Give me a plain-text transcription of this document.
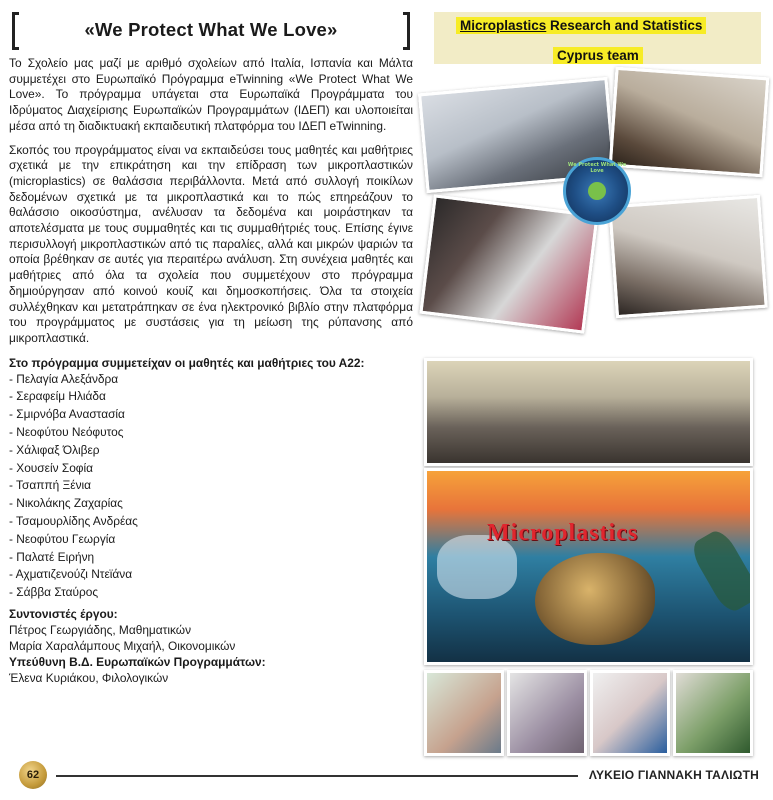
«We Protect What We Love»

Το Σχολείο μας μαζί με αριθμό σχολείων από Ιταλία, Ισπανία και Μάλτα συμμετέχει στο Ευρωπαϊκό Πρόγραμμα eTwinning «We Protect What We Love». Το πρόγραμμα υπάγεται στα Ευρωπαϊκά Προγράμματα του Ιδρύματος Διαχείρισης Ευρωπαϊκών Προγραμμάτων (ΙΔΕΠ) και υλοποιείται μέσα από τη διαδικτυακή εκπαιδευτική πλατφόρμα του ΙΔΕΠ eTwinning.

Σκοπός του προγράμματος είναι να εκπαιδεύσει τους μαθητές και μαθήτριες σχετικά με την επικράτηση και την επίδραση των μικροπλαστικών (microplastics) σε θαλάσσια περιβάλλοντα. Μετά από συλλογή ποικίλων δεδομένων σχετικά με τα μικροπλαστικά και το πώς επηρεάζουν το θαλάσσιο οικοσύστημα, ανέλυσαν τα δεδομένα και μοιράστηκαν τα αποτελέσματα με τους συμμαθητές και τις συμμαθήτριές τους. Επίσης έγινε περισυλλογή μικροπλαστικών από τις παραλίες, αλλά και μικρών ψαριών τα οποία βρέθηκαν σε αυτές για περαιτέρω ανάλυση. Στη συνέχεια μαθητές και μαθήτριες από όλα τα σχολεία που συμμετέχουν στο πρόγραμμα δημιούργησαν από κοινού κουίζ και δημοσκοπήσεις. Όλα τα στοιχεία συλλέχθηκαν και μετατράπηκαν σε ένα ηλεκτρονικό βιβλίο στην πλατφόρμα του προγράμματος με συστάσεις για τη μείωση της ρύπανσης από μικροπλαστικά.

Στο πρόγραμμα συμμετείχαν οι μαθητές και μαθήτριες του Α22:
- Πελαγία Αλεξάνδρα
- Σεραφείμ Ηλιάδα
- Σμιρνόβα Αναστασία
- Νεοφύτου Νεόφυτος
- Χάλιφαξ Όλιβερ
- Χουσείν Σοφία
- Τσαππή Ξένια
- Νικολάκης Ζαχαρίας
- Τσαμουρλίδης Ανδρέας
- Νεοφύτου Γεωργία
- Παλατέ Ειρήνη
- Αχματιζενούζι Ντεϊάνα
- Σάββα Σταύρος
Συντονιστές έργου:
Πέτρος Γεωργιάδης, Μαθηματικών
Μαρία Χαραλάμπους Μιχαήλ, Οικονομικών
Υπεύθυνη Β.Δ. Ευρωπαϊκών Προγραμμάτων:
Έλενα Κυριάκου, Φιλολογικών
Microplastics Research and Statistics
Cyprus team
We Protect What We Love
Microplastics
62	ΛΥΚΕΙΟ ΓΙΑΝΝΑΚΗ ΤΑΛΙΩΤΗ
